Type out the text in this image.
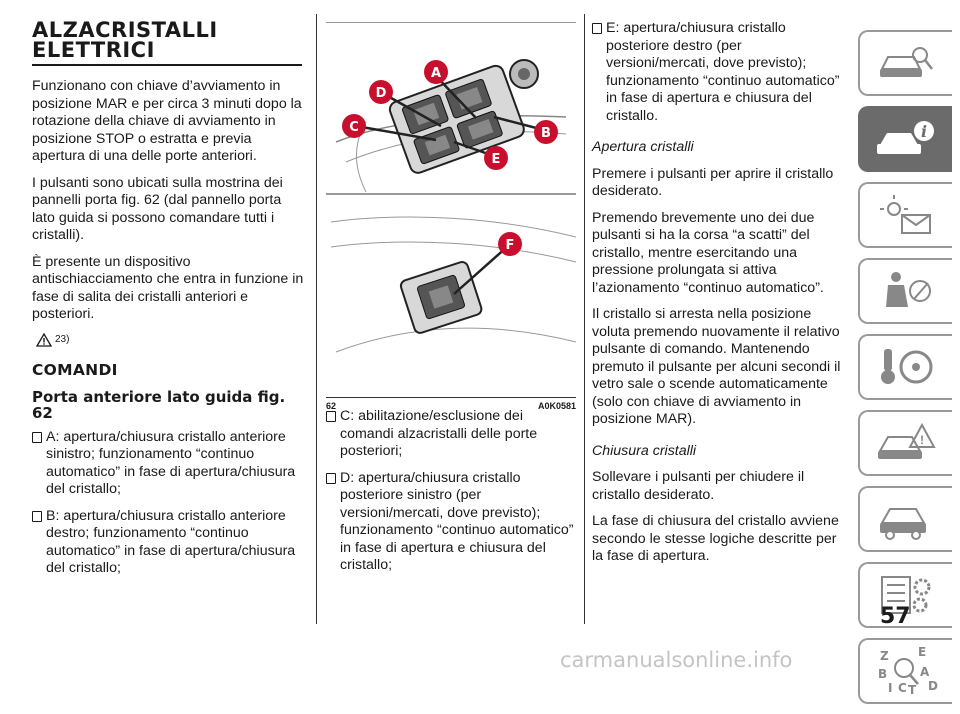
ALZACRISTALLI
ELETTRICI

Funzionano con chiave d’avviamento in posizione MAR e per circa 3 minuti dopo la rotazione della chiave di avviamento in posizione STOP o estratta e previa apertura di una delle porte anteriori.

I pulsanti sono ubicati sulla mostrina dei pannelli porta fig. 62 (dal pannello porta lato guida si possono comandare tutti i cristalli).

È presente un dispositivo antischiacciamento che entra in funzione in fase di salita dei cristalli anteriori e posteriori.

23)
COMANDI
Porta anteriore lato guida fig. 62
A: apertura/chiusura cristallo anteriore sinistro; funzionamento “continuo automatico” in fase di apertura/chiusura del cristallo;
B: apertura/chiusura cristallo anteriore destro; funzionamento “continuo automatico” in fase di apertura/chiusura del cristallo;
A
B
C
D
E
F
62	A0K0581
C: abilitazione/esclusione dei comandi alzacristalli delle porte posteriori;
D: apertura/chiusura cristallo posteriore sinistro (per versioni/mercati, dove previsto); funzionamento “continuo automatico” in fase di apertura e chiusura del cristallo;
E: apertura/chiusura cristallo posteriore destro (per versioni/mercati, dove previsto); funzionamento “continuo automatico” in fase di apertura e chiusura del cristallo.

Apertura cristalli

Premere i pulsanti per aprire il cristallo desiderato.

Premendo brevemente uno dei due pulsanti si ha la corsa “a scatti” del cristallo, mentre esercitando una pressione prolungata si attiva l’azionamento “continuo automatico”.

Il cristallo si arresta nella posizione voluta premendo nuovamente il relativo pulsante di comando. Mantenendo premuto il pulsante per alcuni secondi il vetro sale o scende automaticamente (solo con chiave di avviamento in posizione MAR).

Chiusura cristalli

Sollevare i pulsanti per chiudere il cristallo desiderato.

La fase di chiusura del cristallo avviene secondo le stesse logiche descritte per la fase di apertura.

i
!
Z E
B	A
I C T D
57
carmanualsonline.info
